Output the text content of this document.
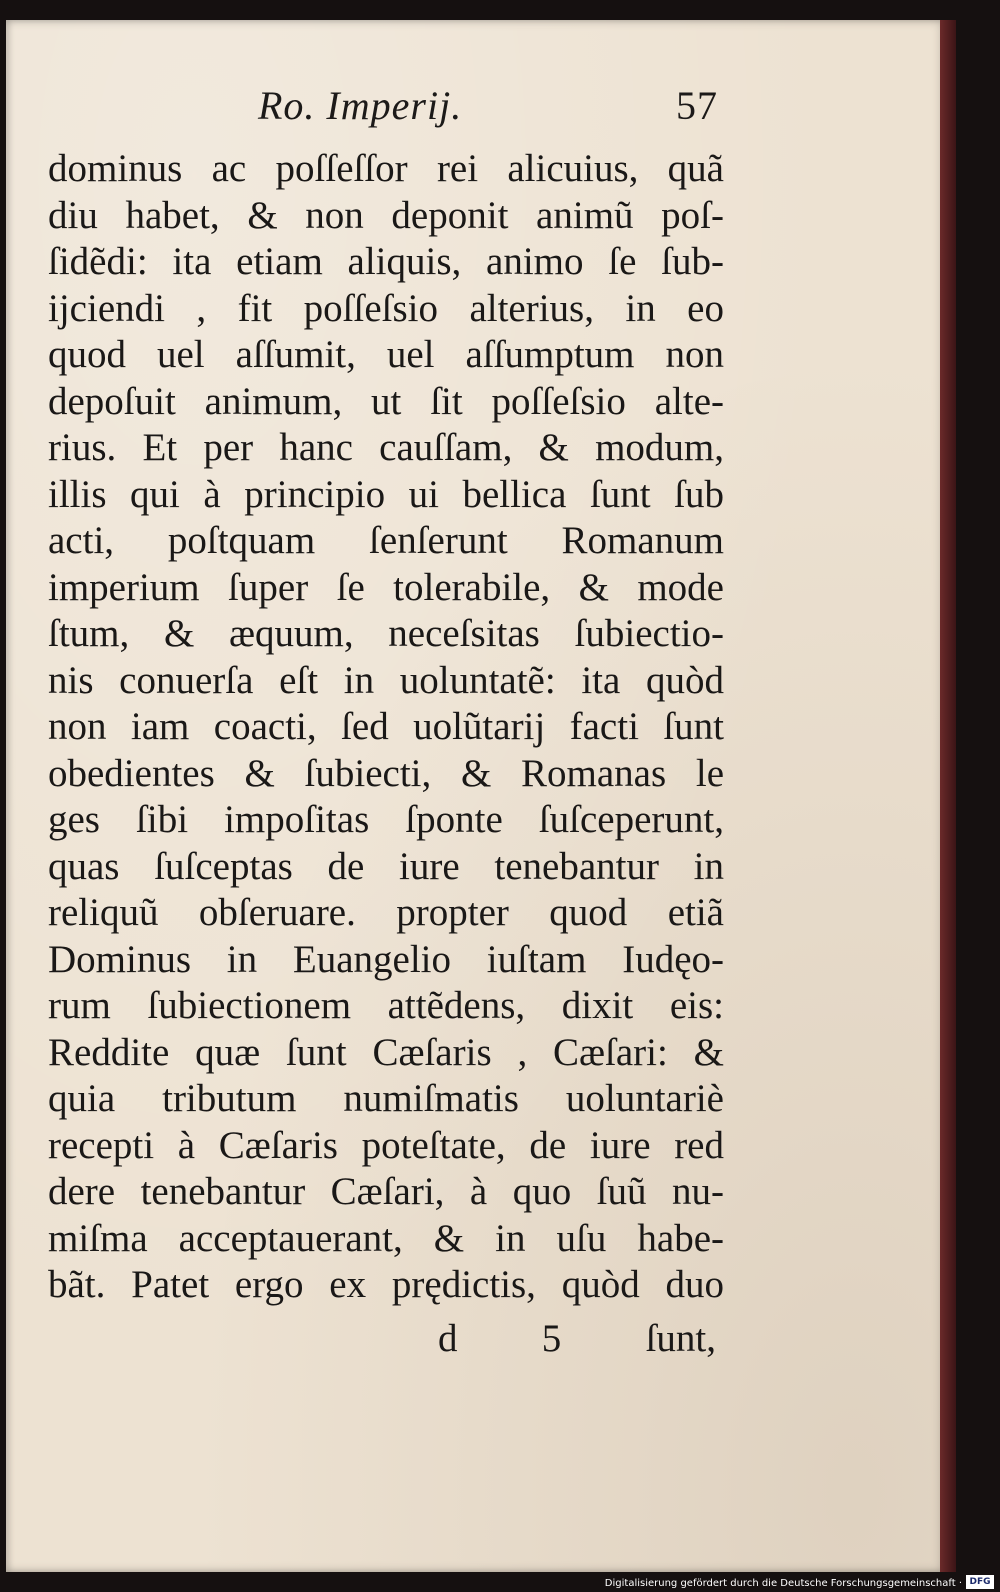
Ro. Imperij.	57
dominus ac poſſeſſor rei alicuius, quã
diu habet, & non deponit animũ poſ-
ſidẽdi: ita etiam aliquis, animo ſe ſub-
ijciendi , fit poſſeſsio alterius, in eo
quod uel aſſumit, uel aſſumptum non
depoſuit animum, ut ſit poſſeſsio alte-
rius. Et per hanc cauſſam, & modum,
illis qui à principio ui bellica ſunt ſub
acti, poſtquam ſenſerunt Romanum
imperium ſuper ſe tolerabile, & mode
ſtum, & æquum, neceſsitas ſubiectio-
nis conuerſa eſt in uoluntatẽ: ita quòd
non iam coacti, ſed uolũtarij facti ſunt
obedientes & ſubiecti, & Romanas le
ges ſibi impoſitas ſponte ſuſceperunt,
quas ſuſceptas de iure tenebantur in
reliquũ obſeruare. propter quod etiã
Dominus in Euangelio iuſtam Iudęo-
rum ſubiectionem attẽdens, dixit eis:
Reddite quæ ſunt Cæſaris , Cæſari: &
quia tributum numiſmatis uoluntariè
recepti à Cæſaris poteſtate, de iure red
dere tenebantur Cæſari, à quo ſuũ nu-
miſma acceptauerant, & in uſu habe-
bãt. Patet ergo ex prędictis, quòd duo
d 5 ſunt,
Digitalisierung gefördert durch die Deutsche Forschungsgemeinschaft · DFG
